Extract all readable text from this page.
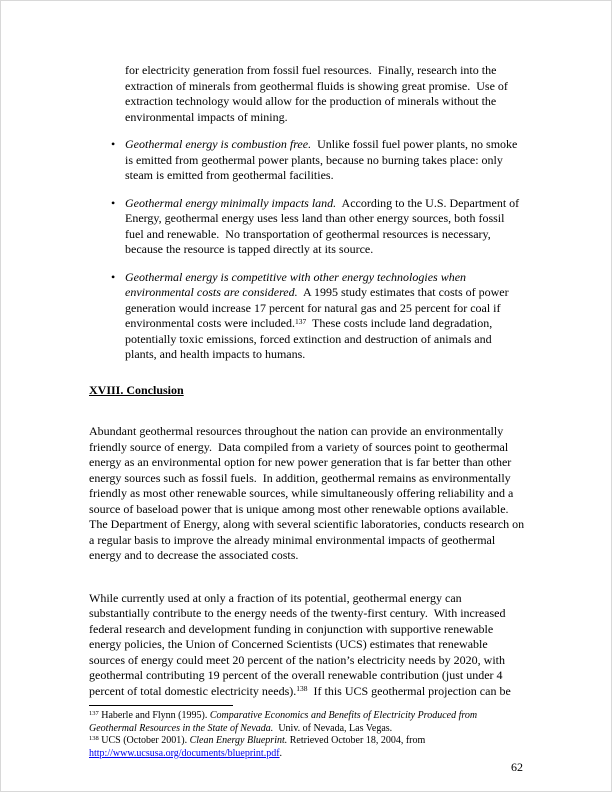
for electricity generation from fossil fuel resources.  Finally, research into the extraction of minerals from geothermal fluids is showing great promise.  Use of extraction technology would allow for the production of minerals without the environmental impacts of mining.

• Geothermal energy is combustion free.  Unlike fossil fuel power plants, no smoke is emitted from geothermal power plants, because no burning takes place: only steam is emitted from geothermal facilities.
• Geothermal energy minimally impacts land.  According to the U.S. Department of Energy, geothermal energy uses less land than other energy sources, both fossil fuel and renewable.  No transportation of geothermal resources is necessary, because the resource is tapped directly at its source.
• Geothermal energy is competitive with other energy technologies when environmental costs are considered.  A 1995 study estimates that costs of power generation would increase 17 percent for natural gas and 25 percent for coal if environmental costs were included.$^{137}$  These costs include land degradation, potentially toxic emissions, forced extinction and destruction of animals and plants, and health impacts to humans.
XVIII. Conclusion

Abundant geothermal resources throughout the nation can provide an environmentally friendly source of energy.  Data compiled from a variety of sources point to geothermal energy as an environmental option for new power generation that is far better than other energy sources such as fossil fuels.  In addition, geothermal remains as environmentally friendly as most other renewable sources, while simultaneously offering reliability and a source of baseload power that is unique among most other renewable options available.  The Department of Energy, along with several scientific laboratories, conducts research on a regular basis to improve the already minimal environmental impacts of geothermal energy and to decrease the associated costs.

While currently used at only a fraction of its potential, geothermal energy can substantially contribute to the energy needs of the twenty-first century.  With increased federal research and development funding in conjunction with supportive renewable energy policies, the Union of Concerned Scientists (UCS) estimates that renewable sources of energy could meet 20 percent of the nation’s electricity needs by 2020, with geothermal contributing 19 percent of the overall renewable contribution (just under 4 percent of total domestic electricity needs).$^{138}$  If this UCS geothermal projection can be

$^{137}$ Haberle and Flynn (1995). Comparative Economics and Benefits of Electricity Produced from Geothermal Resources in the State of Nevada.  Univ. of Nevada, Las Vegas.

$^{138}$ UCS (October 2001). Clean Energy Blueprint. Retrieved October 18, 2004, from http://www.ucsusa.org/documents/blueprint.pdf.

62
